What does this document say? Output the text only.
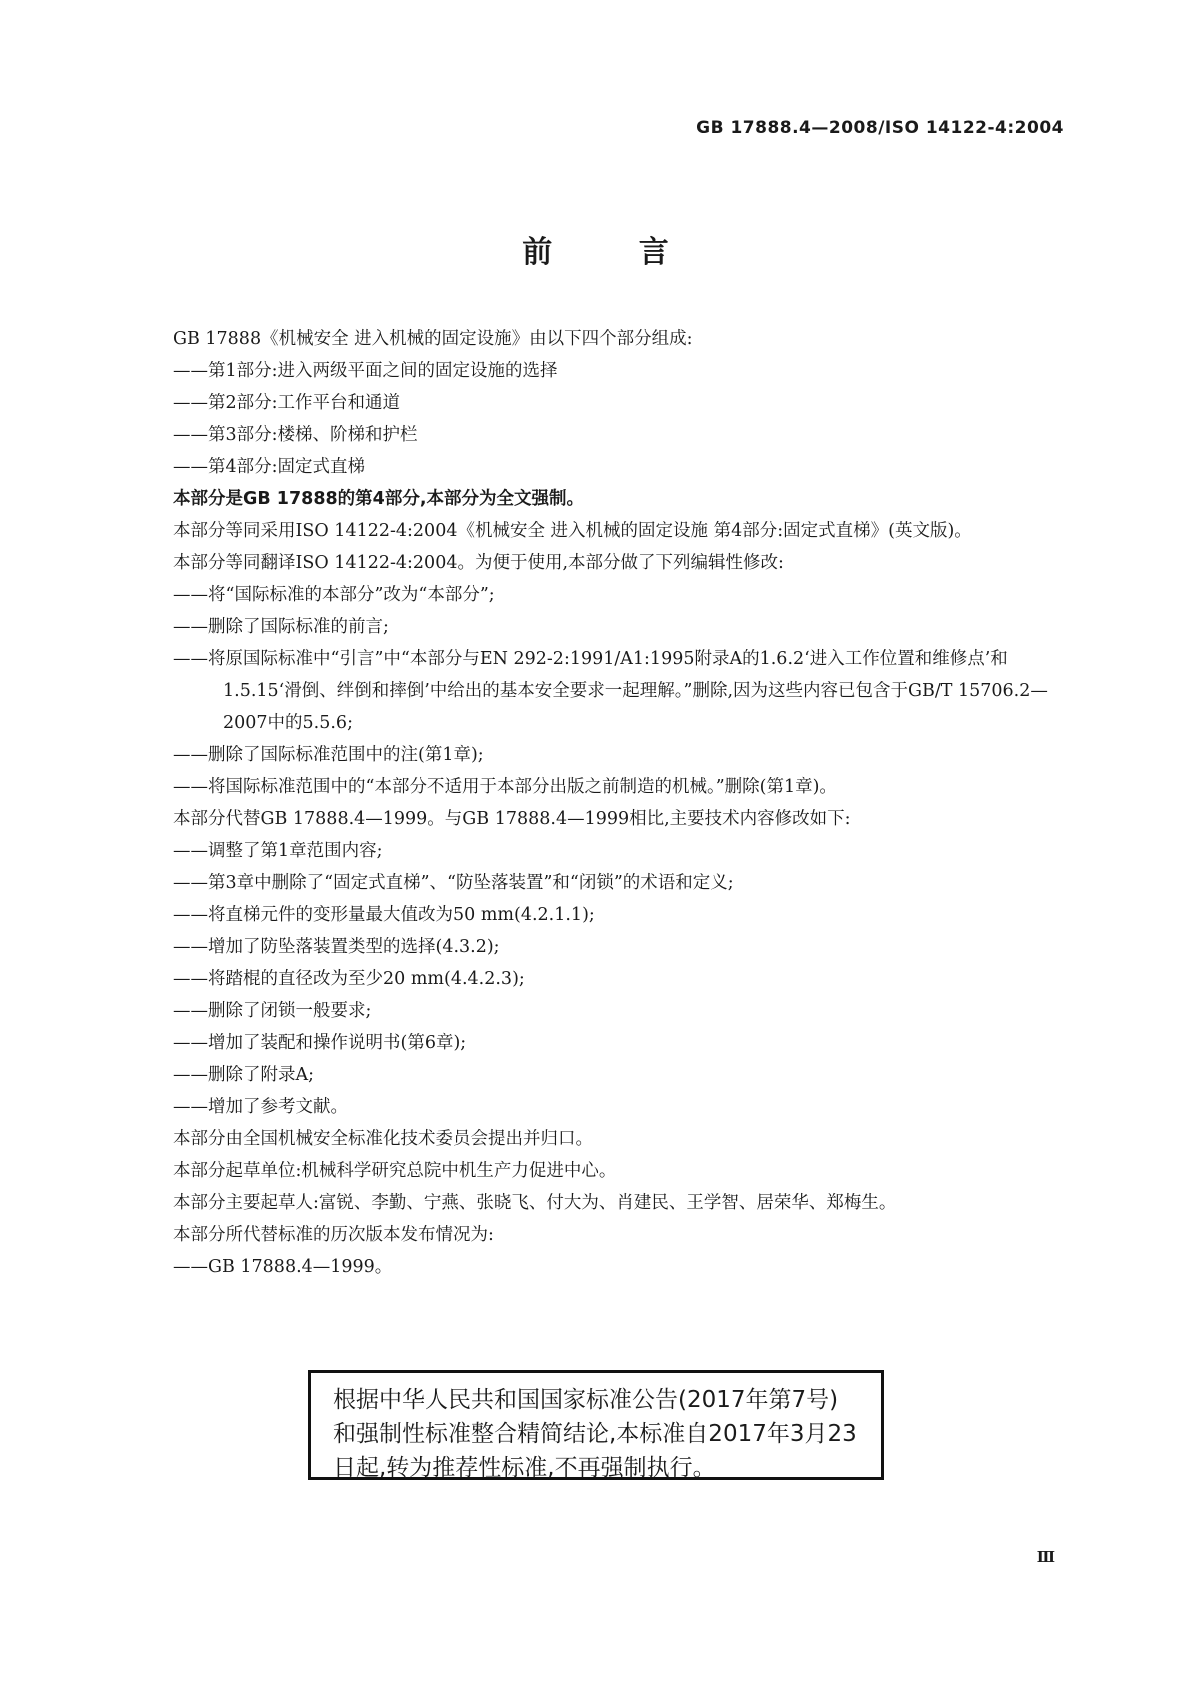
GB 17888.4—2008/ISO 14122-4:2004
前 言

GB 17888《机械安全 进入机械的固定设施》由以下四个部分组成:

——第1部分:进入两级平面之间的固定设施的选择

——第2部分:工作平台和通道

——第3部分:楼梯、阶梯和护栏

——第4部分:固定式直梯

本部分是GB 17888的第4部分,本部分为全文强制。

本部分等同采用ISO 14122-4:2004《机械安全 进入机械的固定设施 第4部分:固定式直梯》(英文版)。

本部分等同翻译ISO 14122-4:2004。为便于使用,本部分做了下列编辑性修改:

——将“国际标准的本部分”改为“本部分”;

——删除了国际标准的前言;

——将原国际标准中“引言”中“本部分与EN 292-2:1991/A1:1995附录A的1.6.2‘进入工作位置和维修点’和1.5.15‘滑倒、绊倒和摔倒’中给出的基本安全要求一起理解。”删除,因为这些内容已包含于GB/T 15706.2—2007中的5.5.6;

——删除了国际标准范围中的注(第1章);

——将国际标准范围中的“本部分不适用于本部分出版之前制造的机械。”删除(第1章)。

本部分代替GB 17888.4—1999。与GB 17888.4—1999相比,主要技术内容修改如下:

——调整了第1章范围内容;

——第3章中删除了“固定式直梯”、“防坠落装置”和“闭锁”的术语和定义;

——将直梯元件的变形量最大值改为50 mm(4.2.1.1);

——增加了防坠落装置类型的选择(4.3.2);

——将踏棍的直径改为至少20 mm(4.4.2.3);

——删除了闭锁一般要求;

——增加了装配和操作说明书(第6章);

——删除了附录A;

——增加了参考文献。

本部分由全国机械安全标准化技术委员会提出并归口。

本部分起草单位:机械科学研究总院中机生产力促进中心。

本部分主要起草人:富锐、李勤、宁燕、张晓飞、付大为、肖建民、王学智、居荣华、郑梅生。

本部分所代替标准的历次版本发布情况为:

——GB 17888.4—1999。

根据中华人民共和国国家标准公告(2017年第7号)和强制性标准整合精简结论,本标准自2017年3月23日起,转为推荐性标准,不再强制执行。
Ⅲ
